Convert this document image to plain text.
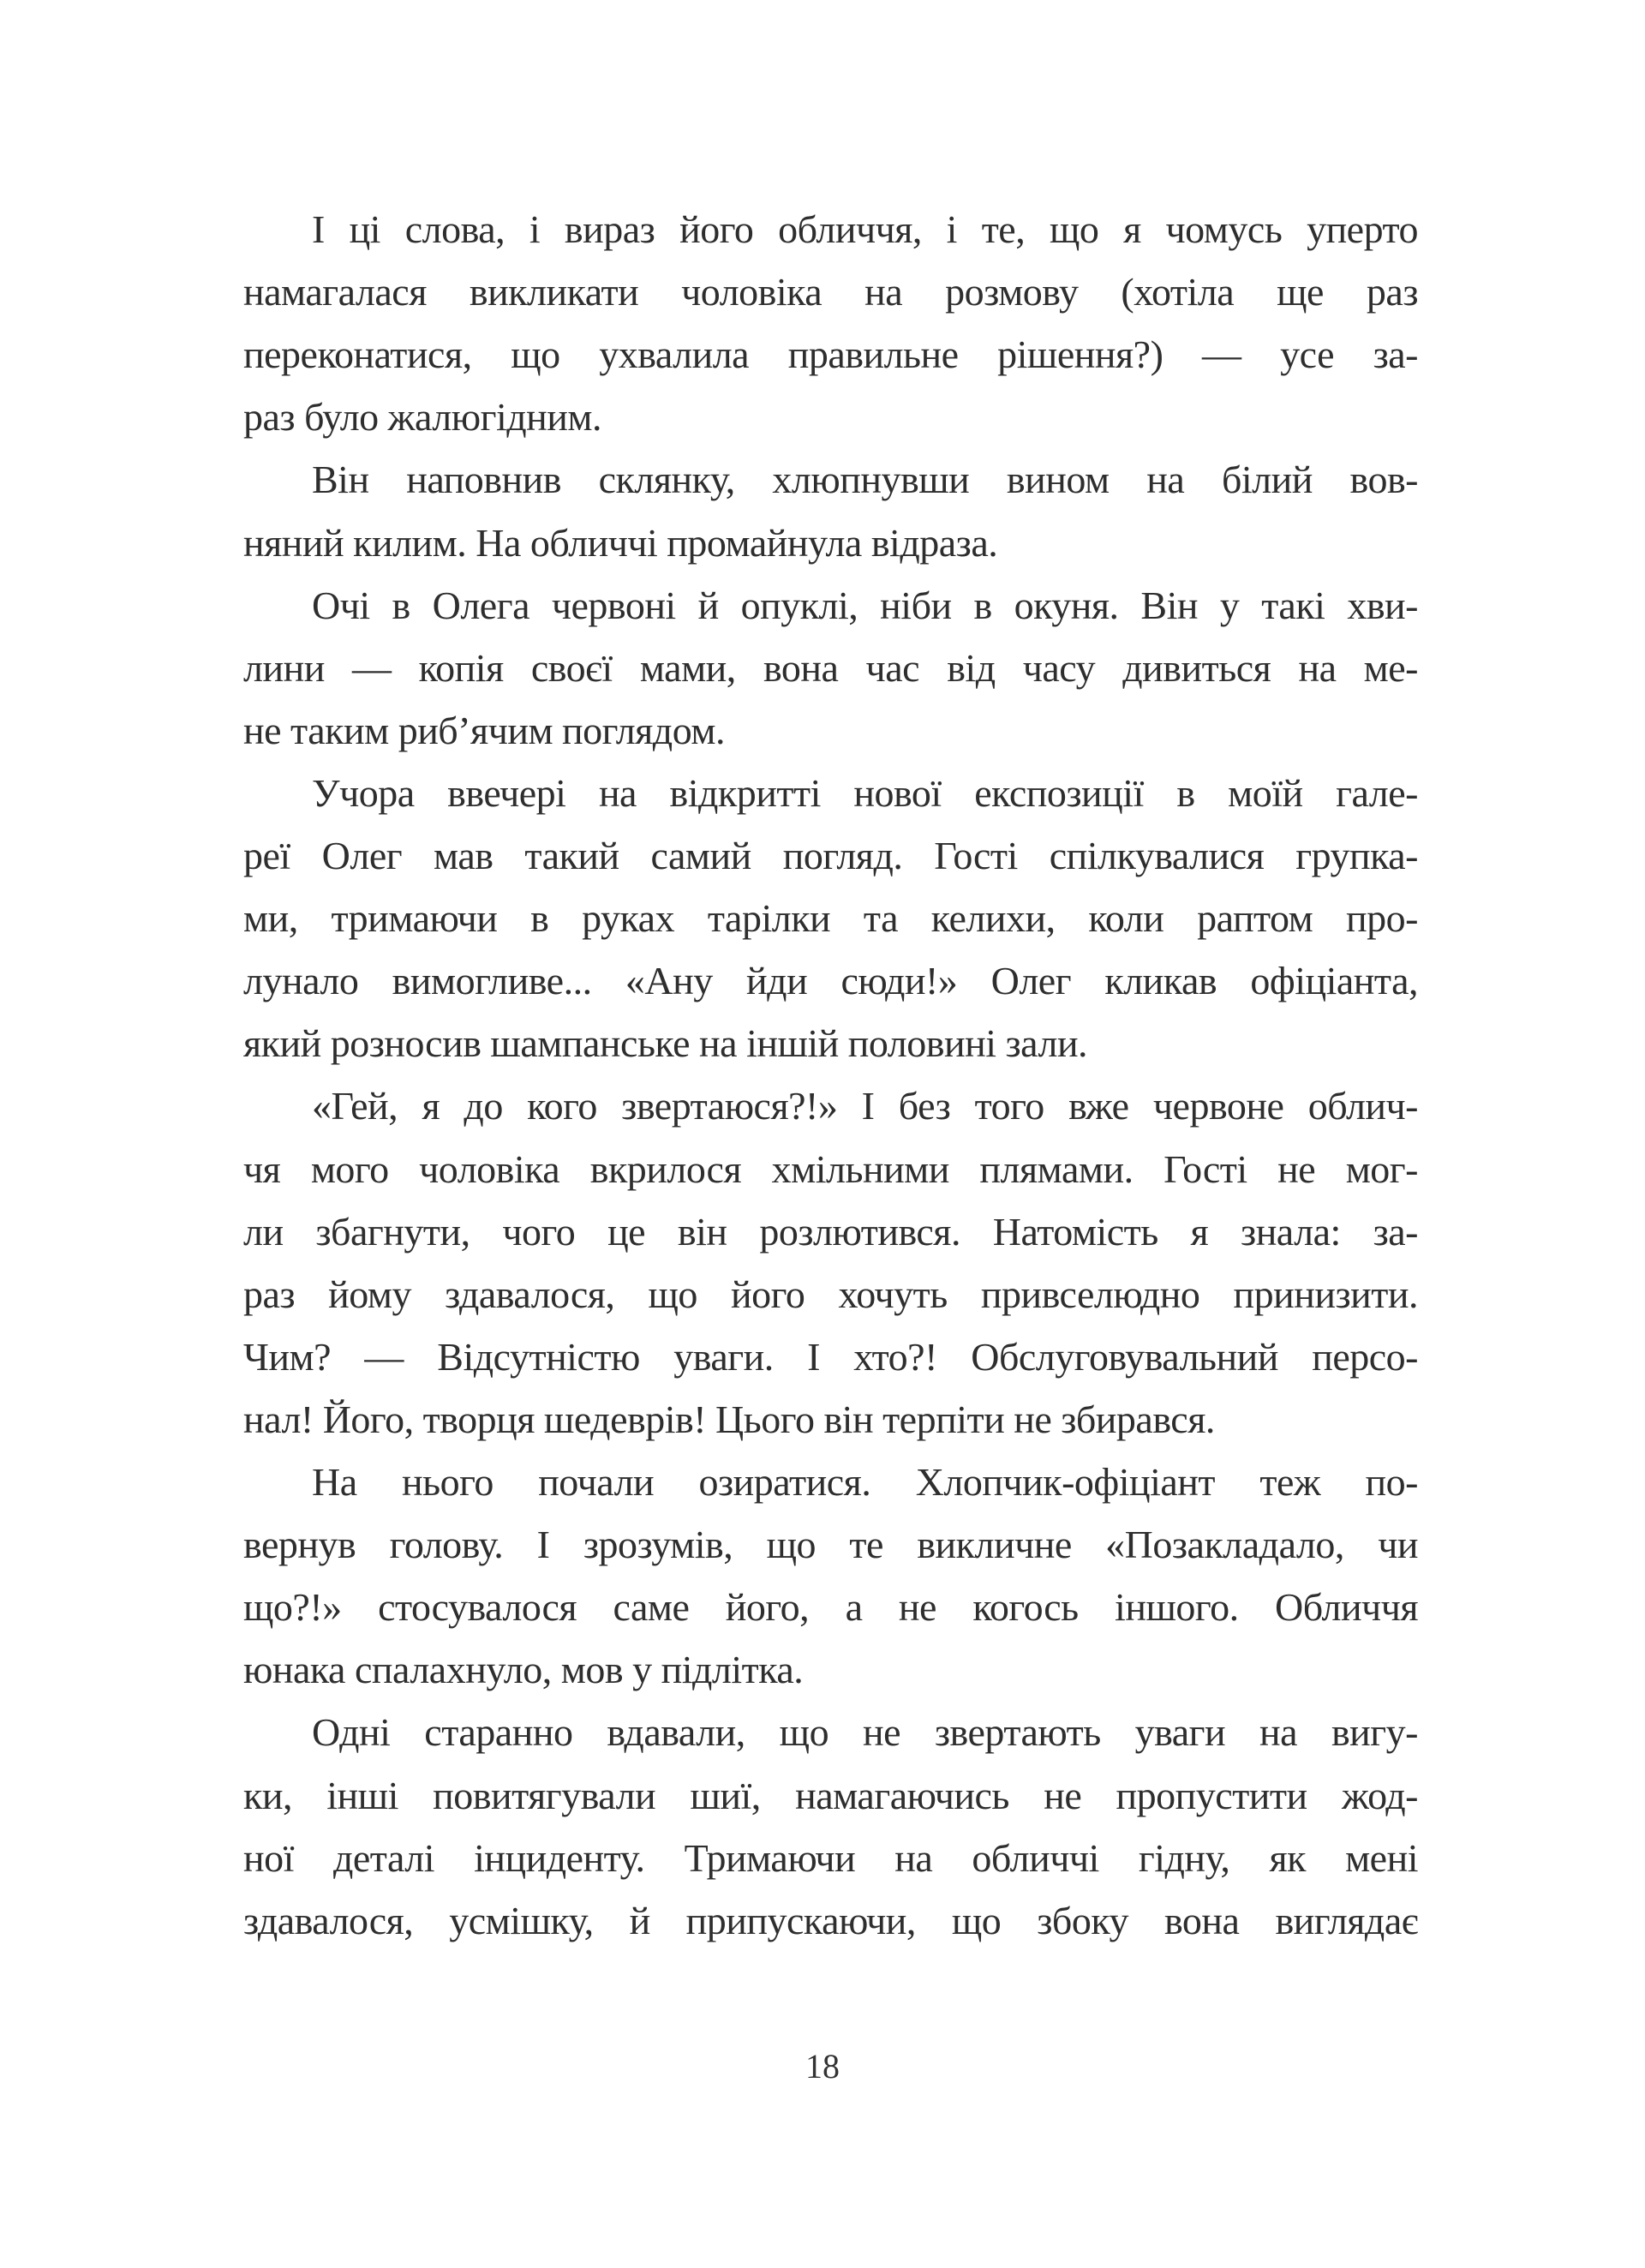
І ці слова, і вираз його обличчя, і те, що я чомусь уперто
намагалася викликати чоловіка на розмову (хотіла ще раз
переконатися, що ухвалила правильне рішення?) — усе за-
раз було жалюгідним.
Він наповнив склянку, хлюпнувши вином на білий вов-
няний килим. На обличчі промайнула відраза.
Очі в Олега червоні й опуклі, ніби в окуня. Він у такі хви-
лини — копія своєї мами, вона час від часу дивиться на ме-
не таким риб’ячим поглядом.
Учора ввечері на відкритті нової експозиції в моїй гале-
реї Олег мав такий самий погляд. Гості спілкувалися групка-
ми, тримаючи в руках тарілки та келихи, коли раптом про-
лунало вимогливе... «Ану йди сюди!» Олег кликав офіціанта,
який розносив шампанське на іншій половині зали.
«Гей, я до кого звертаюся?!» І без того вже червоне облич-
чя мого чоловіка вкрилося хмільними плямами. Гості не мог-
ли збагнути, чого це він розлютився. Натомість я знала: за-
раз йому здавалося, що його хочуть привселюдно принизити.
Чим? — Відсутністю уваги. І хто?! Обслуговувальний персо-
нал! Його, творця шедеврів! Цього він терпіти не збирався.
На нього почали озиратися. Хлопчик-офіціант теж по-
вернув голову. І зрозумів, що те викличне «Позакладало, чи
що?!» стосувалося саме його, а не когось іншого. Обличчя
юнака спалахнуло, мов у підлітка.
Одні старанно вдавали, що не звертають уваги на вигу-
ки, інші повитягували шиї, намагаючись не пропустити жод-
ної деталі інциденту. Тримаючи на обличчі гідну, як мені
здавалося, усмішку, й припускаючи, що збоку вона виглядає
18
